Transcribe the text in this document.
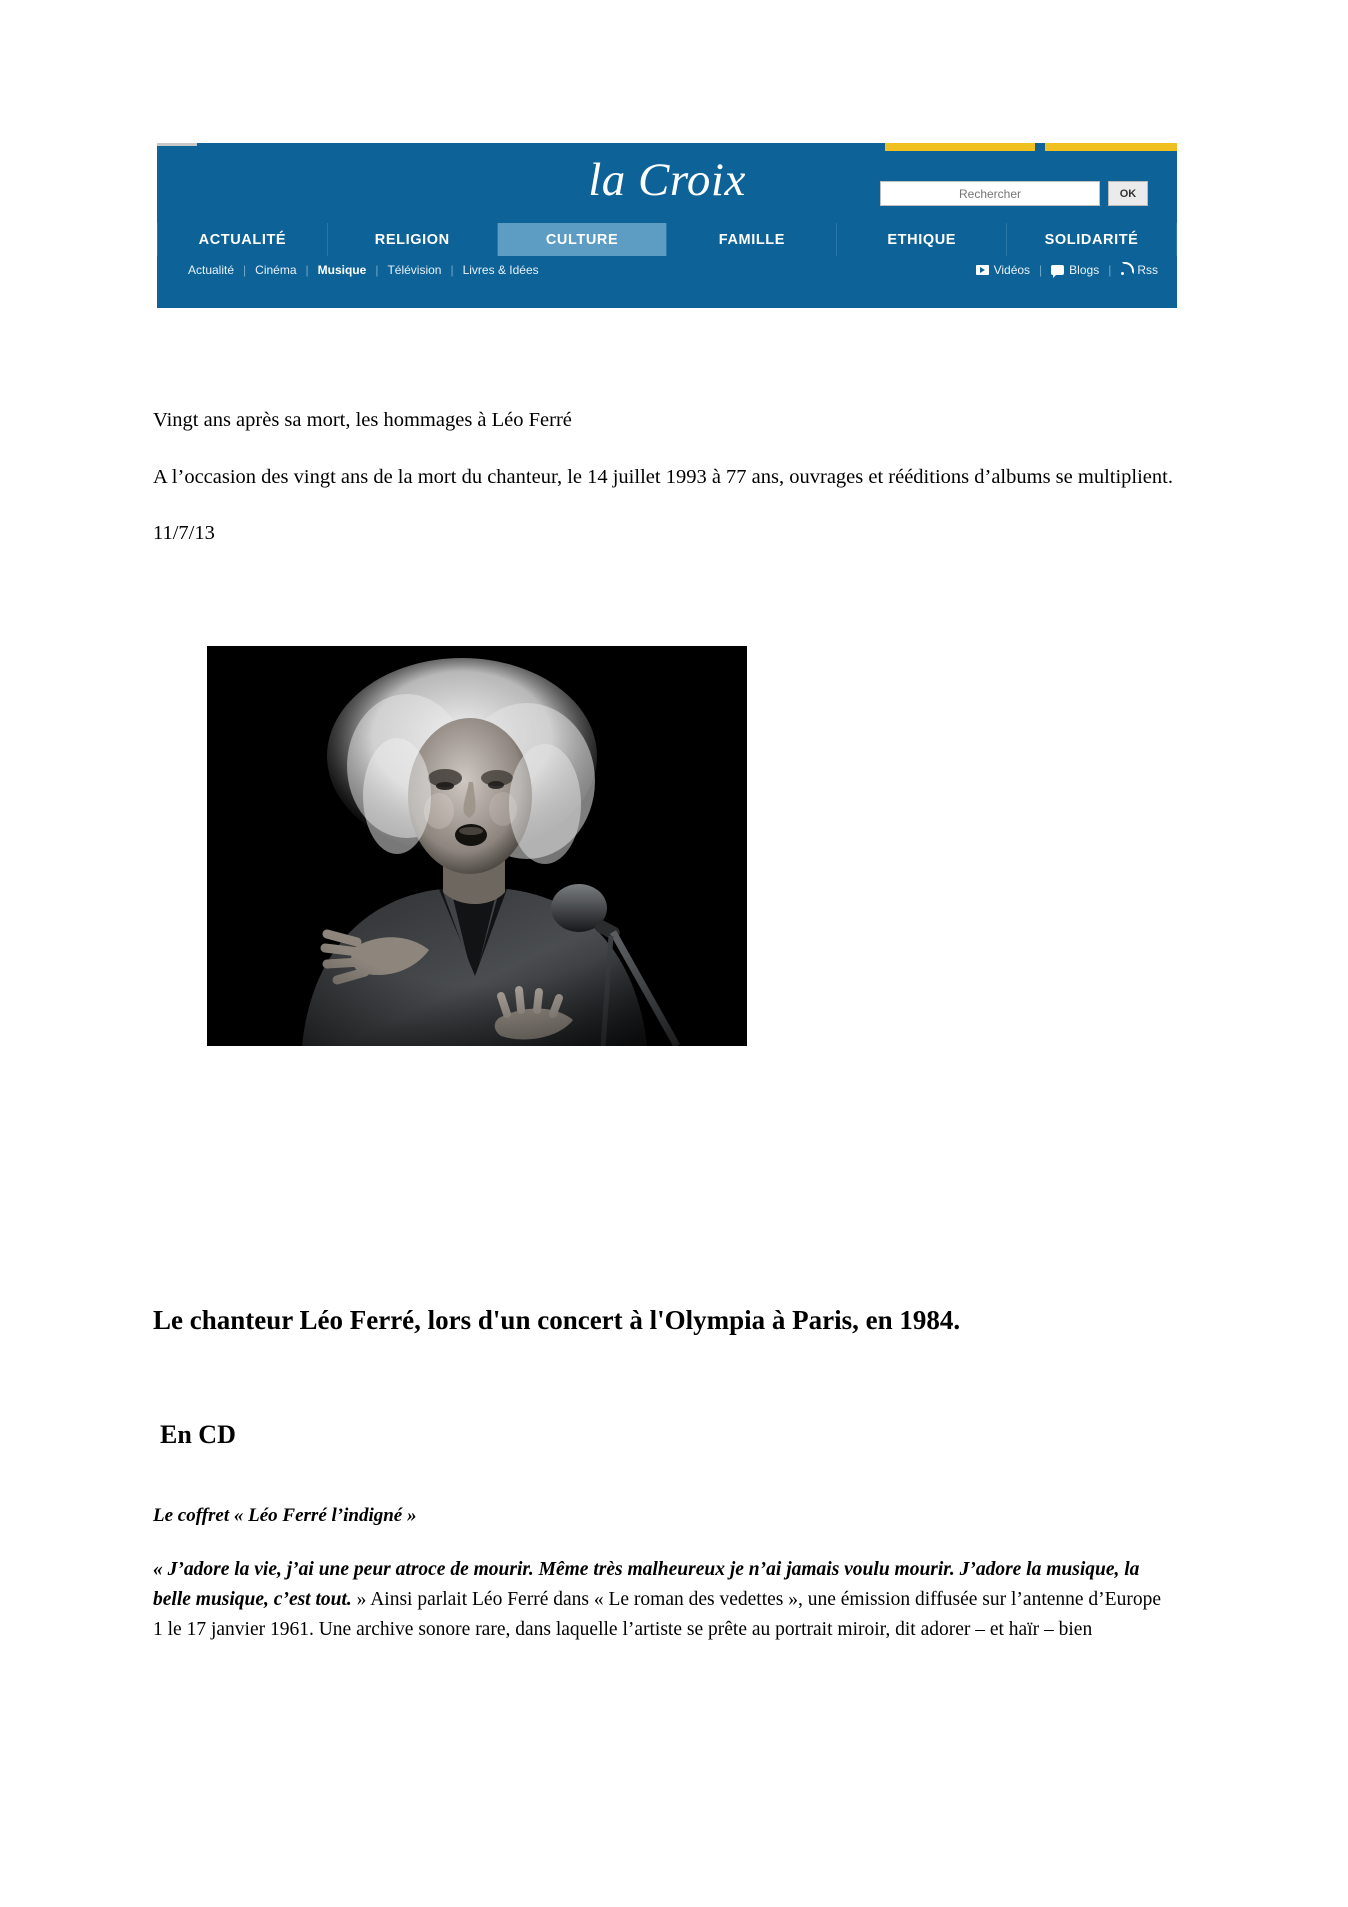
la Croix
Rechercher	OK
ACTUALITÉ	RELIGION	CULTURE	FAMILLE	ETHIQUE	SOLIDARITÉ
Actualité | Cinéma | Musique | Télévision | Livres & Idées	Vidéos | Blogs | Rss

Vingt ans après sa mort, les hommages à Léo Ferré

A l’occasion des vingt ans de la mort du chanteur, le 14 juillet 1993 à 77 ans, ouvrages et rééditions d’albums se multiplient.

11/7/13

Le chanteur Léo Ferré, lors d'un concert à l'Olympia à Paris, en 1984.
En CD
Le coffret « Léo Ferré l’indigné »
« J’adore la vie, j’ai une peur atroce de mourir. Même très malheureux je n’ai jamais voulu mourir. J’adore la musique, la belle musique, c’est tout. » Ainsi parlait Léo Ferré dans « Le roman des vedettes », une émission diffusée sur l’antenne d’Europe 1 le 17 janvier 1961. Une archive sonore rare, dans laquelle l’artiste se prête au portrait miroir, dit adorer – et haïr – bien
